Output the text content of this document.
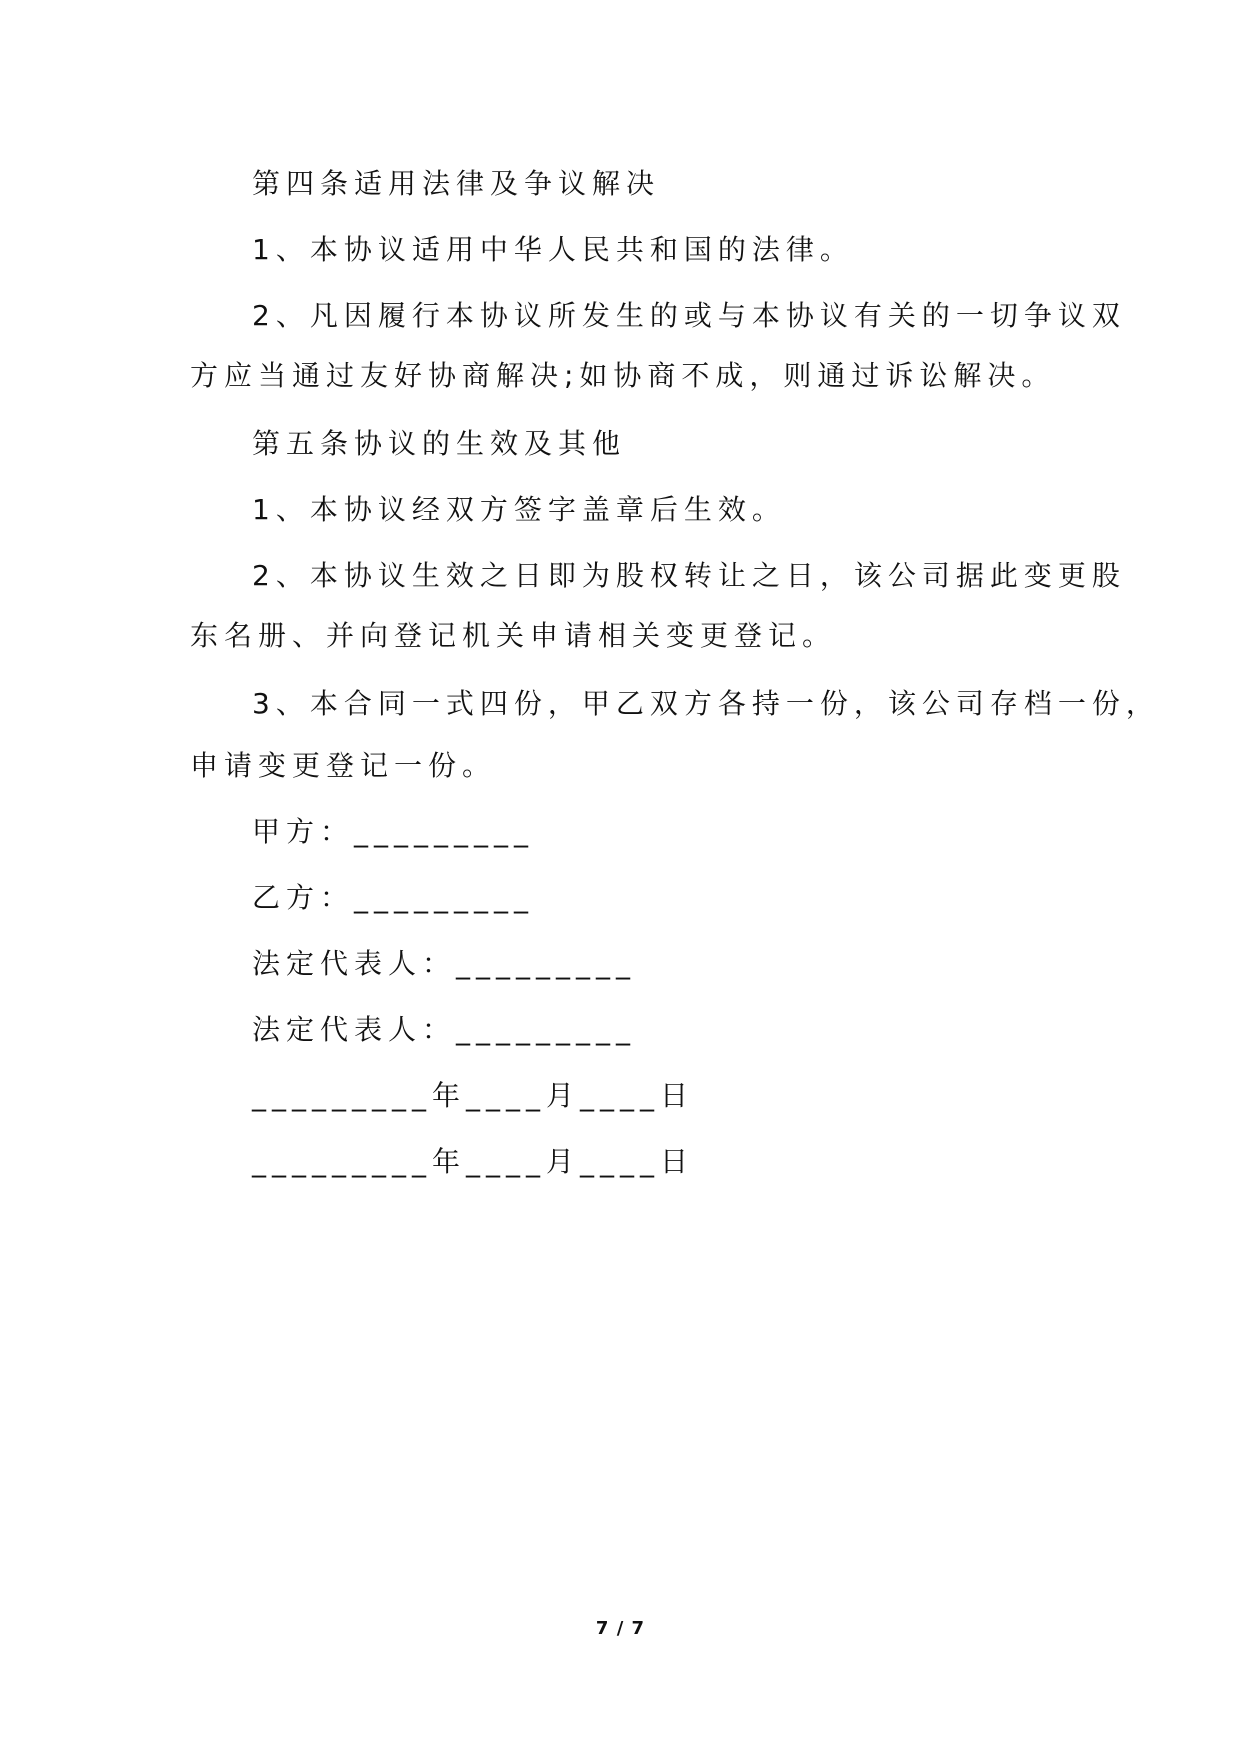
第四条适用法律及争议解决
1、本协议适用中华人民共和国的法律。
2、凡因履行本协议所发生的或与本协议有关的一切争议双
方应当通过友好协商解决;如协商不成，则通过诉讼解决。
第五条协议的生效及其他
1、本协议经双方签字盖章后生效。
2、本协议生效之日即为股权转让之日，该公司据此变更股
东名册、并向登记机关申请相关变更登记。
3、本合同一式四份，甲乙双方各持一份，该公司存档一份，
申请变更登记一份。
甲方：_________
乙方：_________
法定代表人：_________
法定代表人：_________
_________年____月____日
_________年____月____日
7 / 7
